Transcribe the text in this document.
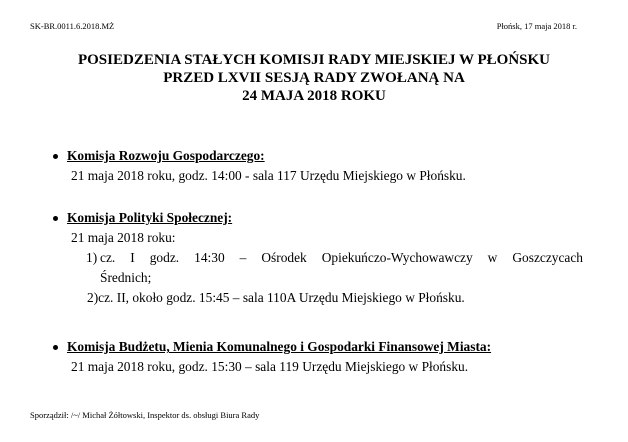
SK-BR.0011.6.2018.MŻ	Płońsk, 17 maja 2018 r.
POSIEDZENIA STAŁYCH KOMISJI RADY MIEJSKIEJ W PŁOŃSKU
PRZED LXVII SESJĄ RADY ZWOŁANĄ NA
24 MAJA 2018 ROKU
Komisja Rozwoju Gospodarczego:
21 maja 2018 roku, godz. 14:00 - sala 117 Urzędu Miejskiego w Płońsku.
Komisja Polityki Społecznej:
21 maja 2018 roku:
1) cz. I godz. 14:30 – Ośrodek Opiekuńczo-Wychowawczy w Goszczycach
Średnich;
2)cz. II, około godz. 15:45 – sala 110A Urzędu Miejskiego w Płońsku.
Komisja Budżetu, Mienia Komunalnego i Gospodarki Finansowej Miasta:
21 maja 2018 roku, godz. 15:30 – sala 119 Urzędu Miejskiego w Płońsku.
Sporządził: /~/ Michał Żółtowski, Inspektor ds. obsługi Biura Rady
